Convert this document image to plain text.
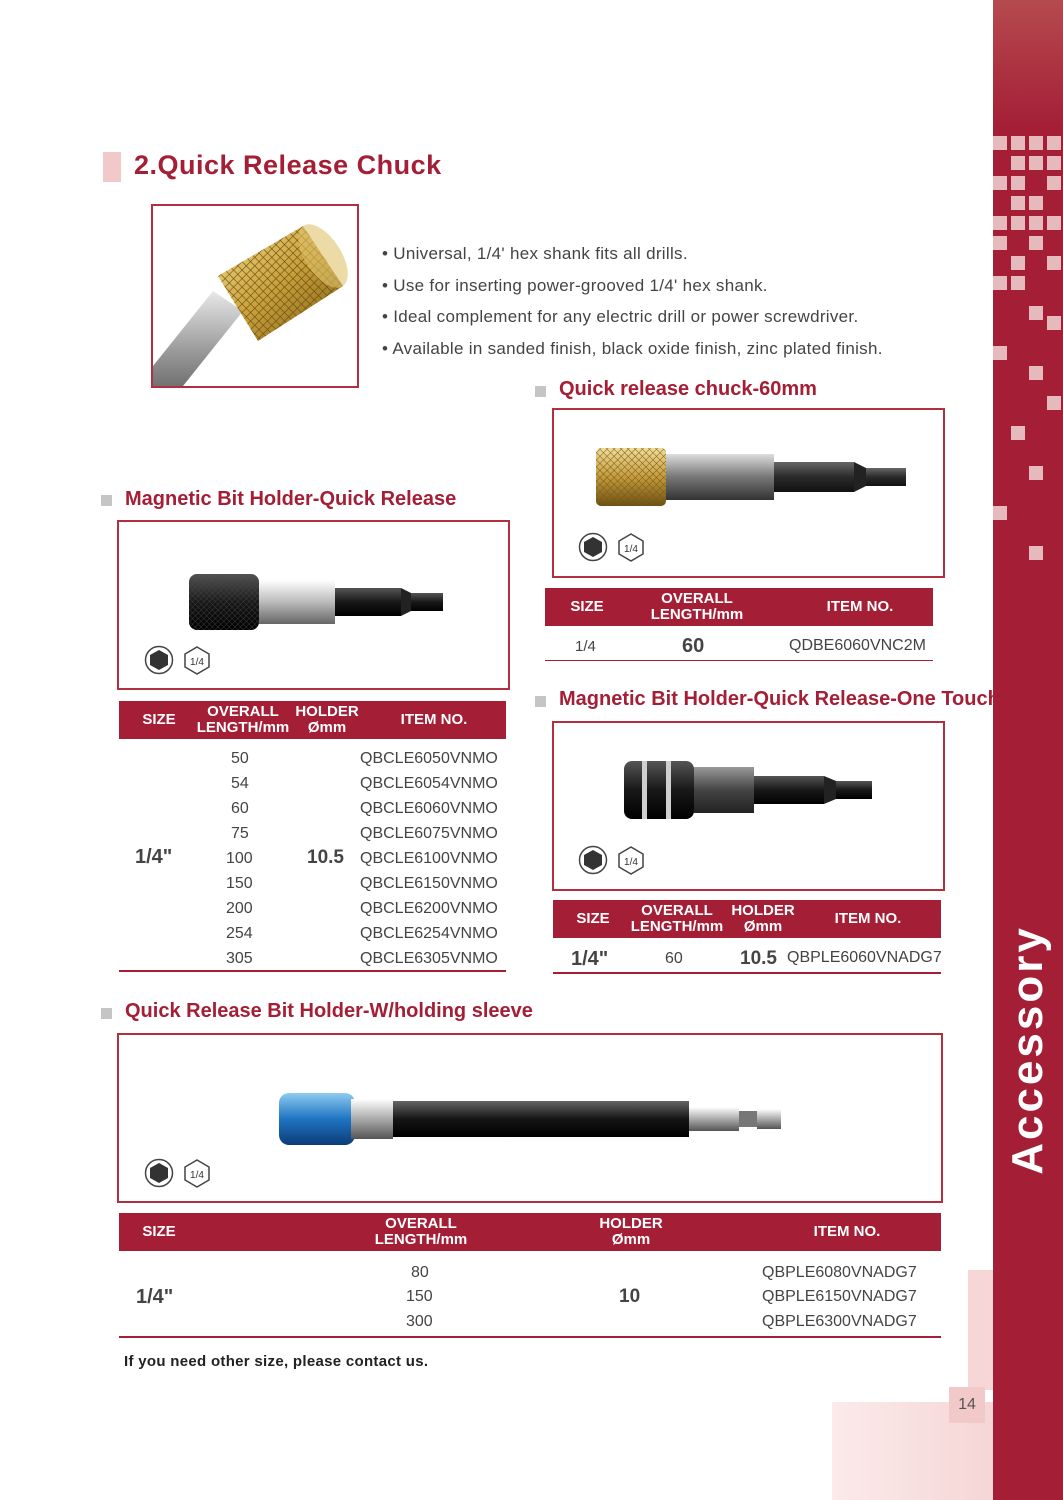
Accessory
2.Quick Release Chuck
• Universal, 1/4' hex shank fits all drills.
• Use for inserting power-grooved 1/4' hex shank.
• Ideal complement for any electric drill or power screwdriver.
• Available in sanded finish, black oxide finish, zinc plated finish.
Quick release chuck-60mm
1/4
SIZE	OVERALL
LENGTH/mm	ITEM NO.
1/4	60	QDBE6060VNC2M
Magnetic Bit Holder-Quick Release-One Touch
1/4
SIZE	OVERALL
LENGTH/mm
HOLDER
Ømm	ITEM NO.
1/4"	60	10.5 QBPLE6060VNADG7
Magnetic Bit Holder-Quick Release
1/4
SIZE	OVERALL
LENGTH/mm
HOLDER
Ømm	ITEM NO.
50	QBCLE6050VNMO
54	QBCLE6054VNMO
60	QBCLE6060VNMO
75	QBCLE6075VNMO
1/4"	100	10.5 QBCLE6100VNMO
150	QBCLE6150VNMO
200	QBCLE6200VNMO
254	QBCLE6254VNMO
305	QBCLE6305VNMO
Quick Release Bit Holder-W/holding sleeve
1/4
SIZE	OVERALL
LENGTH/mm
HOLDER
Ømm	ITEM NO.
80	QBPLE6080VNADG7
1/4"	150	10	QBPLE6150VNADG7
300	QBPLE6300VNADG7
If you need other size, please contact us.
14
